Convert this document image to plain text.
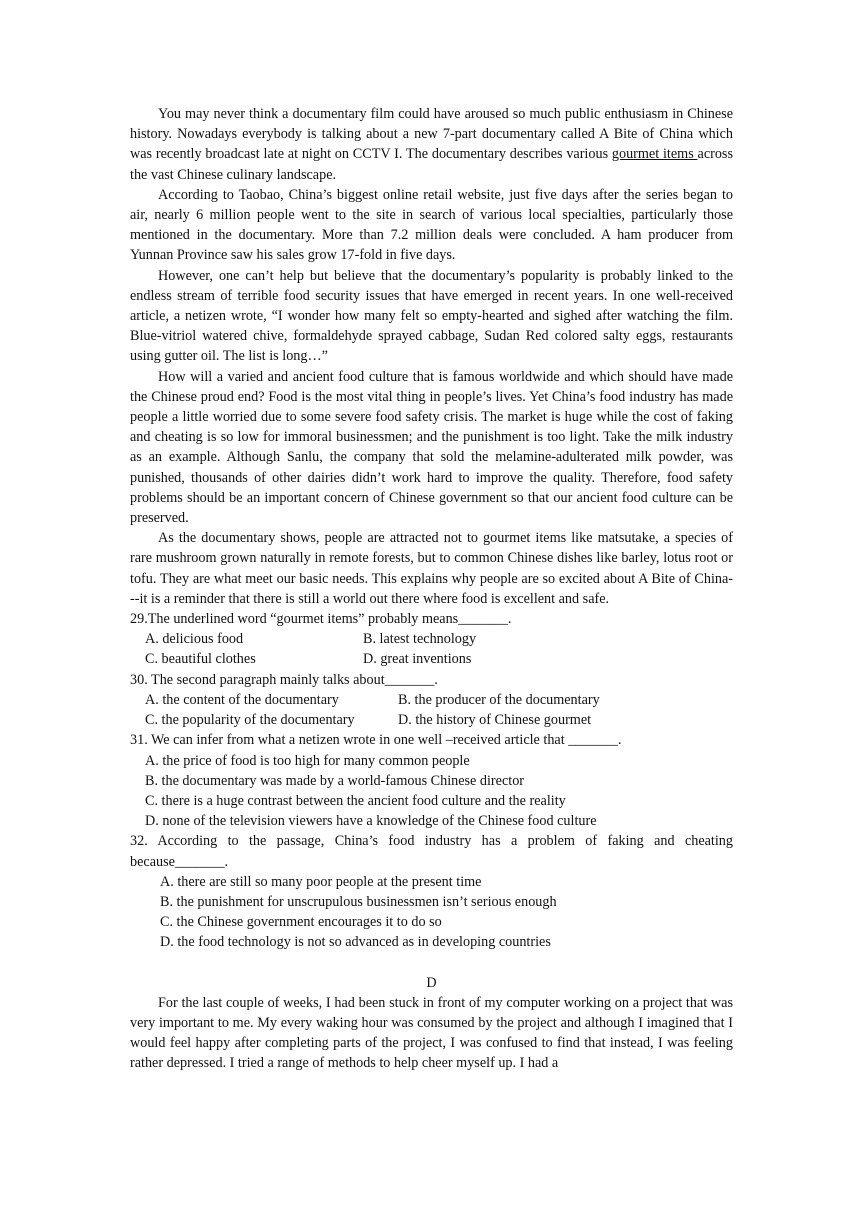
You may never think a documentary film could have aroused so much public enthusiasm in Chinese history. Nowadays everybody is talking about a new 7-part documentary called A Bite of China which was recently broadcast late at night on CCTV I. The documentary describes various gourmet items across the vast Chinese culinary landscape.

According to Taobao, China’s biggest online retail website, just five days after the series began to air, nearly 6 million people went to the site in search of various local specialties, particularly those mentioned in the documentary. More than 7.2 million deals were concluded. A ham producer from Yunnan Province saw his sales grow 17-fold in five days.

However, one can’t help but believe that the documentary’s popularity is probably linked to the endless stream of terrible food security issues that have emerged in recent years. In one well-received article, a netizen wrote, “I wonder how many felt so empty-hearted and sighed after watching the film. Blue-vitriol watered chive, formaldehyde sprayed cabbage, Sudan Red colored salty eggs, restaurants using gutter oil. The list is long…”

How will a varied and ancient food culture that is famous worldwide and which should have made the Chinese proud end? Food is the most vital thing in people’s lives. Yet China’s food industry has made people a little worried due to some severe food safety crisis. The market is huge while the cost of faking and cheating is so low for immoral businessmen; and the punishment is too light. Take the milk industry as an example. Although Sanlu, the company that sold the melamine-adulterated milk powder, was punished, thousands of other dairies didn’t work hard to improve the quality. Therefore, food safety problems should be an important concern of Chinese government so that our ancient food culture can be preserved.

As the documentary shows, people are attracted not to gourmet items like matsutake, a species of rare mushroom grown naturally in remote forests, but to common Chinese dishes like barley, lotus root or tofu. They are what meet our basic needs. This explains why people are so excited about A Bite of China---it is a reminder that there is still a world out there where food is excellent and safe.

29.The underlined word “gourmet items” probably means_______.

A. delicious food	B. latest technology

C. beautiful clothes	D. great inventions

30. The second paragraph mainly talks about_______.

A. the content of the documentary	B. the producer of the documentary

C. the popularity of the documentary	D. the history of Chinese gourmet

31. We can infer from what a netizen wrote in one well –received article that _______.

A. the price of food is too high for many common people

B. the documentary was made by a world-famous Chinese director

C. there is a huge contrast between the ancient food culture and the reality

D. none of the television viewers have a knowledge of the Chinese food culture

32. According to the passage, China’s food industry has a problem of faking and cheating because_______.

A. there are still so many poor people at the present time

B. the punishment for unscrupulous businessmen isn’t serious enough

C. the Chinese government encourages it to do so

D. the food technology is not so advanced as in developing countries

D

For the last couple of weeks, I had been stuck in front of my computer working on a project that was very important to me. My every waking hour was consumed by the project and although I imagined that I would feel happy after completing parts of the project, I was confused to find that instead, I was feeling rather depressed. I tried a range of methods to help cheer myself up. I had a
